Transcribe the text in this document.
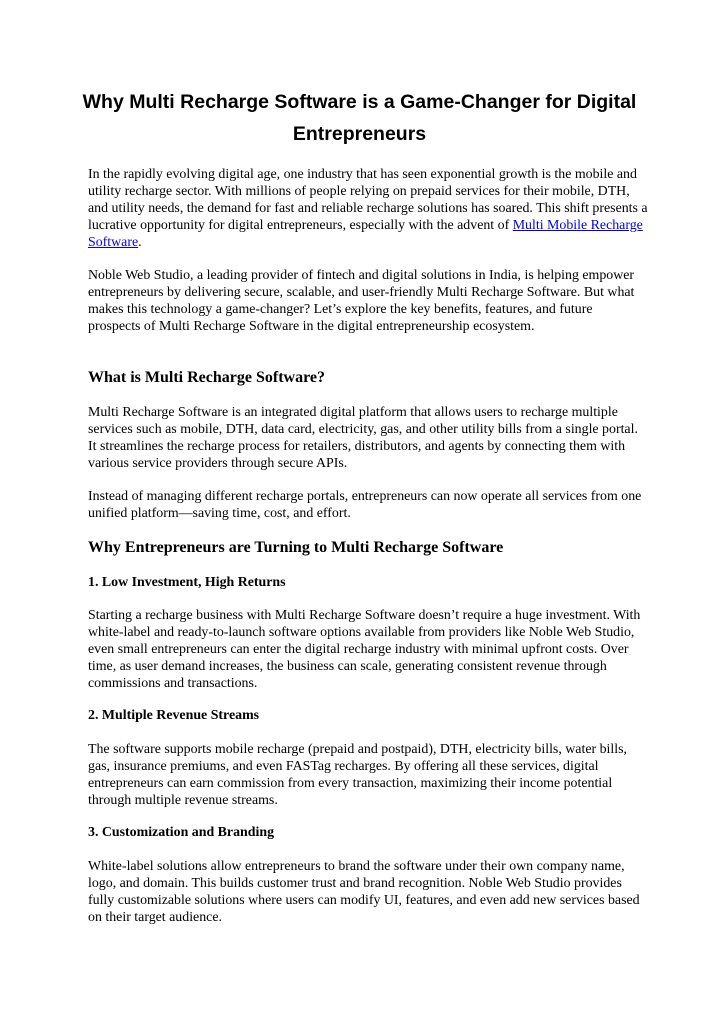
Why Multi Recharge Software is a Game-Changer for Digital Entrepreneurs

In the rapidly evolving digital age, one industry that has seen exponential growth is the mobile and utility recharge sector. With millions of people relying on prepaid services for their mobile, DTH, and utility needs, the demand for fast and reliable recharge solutions has soared. This shift presents a lucrative opportunity for digital entrepreneurs, especially with the advent of Multi Mobile Recharge Software.

Noble Web Studio, a leading provider of fintech and digital solutions in India, is helping empower entrepreneurs by delivering secure, scalable, and user-friendly Multi Recharge Software. But what makes this technology a game-changer? Let’s explore the key benefits, features, and future prospects of Multi Recharge Software in the digital entrepreneurship ecosystem.

What is Multi Recharge Software?

Multi Recharge Software is an integrated digital platform that allows users to recharge multiple services such as mobile, DTH, data card, electricity, gas, and other utility bills from a single portal. It streamlines the recharge process for retailers, distributors, and agents by connecting them with various service providers through secure APIs.

Instead of managing different recharge portals, entrepreneurs can now operate all services from one unified platform—saving time, cost, and effort.

Why Entrepreneurs are Turning to Multi Recharge Software
1. Low Investment, High Returns

Starting a recharge business with Multi Recharge Software doesn’t require a huge investment. With white-label and ready-to-launch software options available from providers like Noble Web Studio, even small entrepreneurs can enter the digital recharge industry with minimal upfront costs. Over time, as user demand increases, the business can scale, generating consistent revenue through commissions and transactions.

2. Multiple Revenue Streams

The software supports mobile recharge (prepaid and postpaid), DTH, electricity bills, water bills, gas, insurance premiums, and even FASTag recharges. By offering all these services, digital entrepreneurs can earn commission from every transaction, maximizing their income potential through multiple revenue streams.

3. Customization and Branding

White-label solutions allow entrepreneurs to brand the software under their own company name, logo, and domain. This builds customer trust and brand recognition. Noble Web Studio provides fully customizable solutions where users can modify UI, features, and even add new services based on their target audience.
